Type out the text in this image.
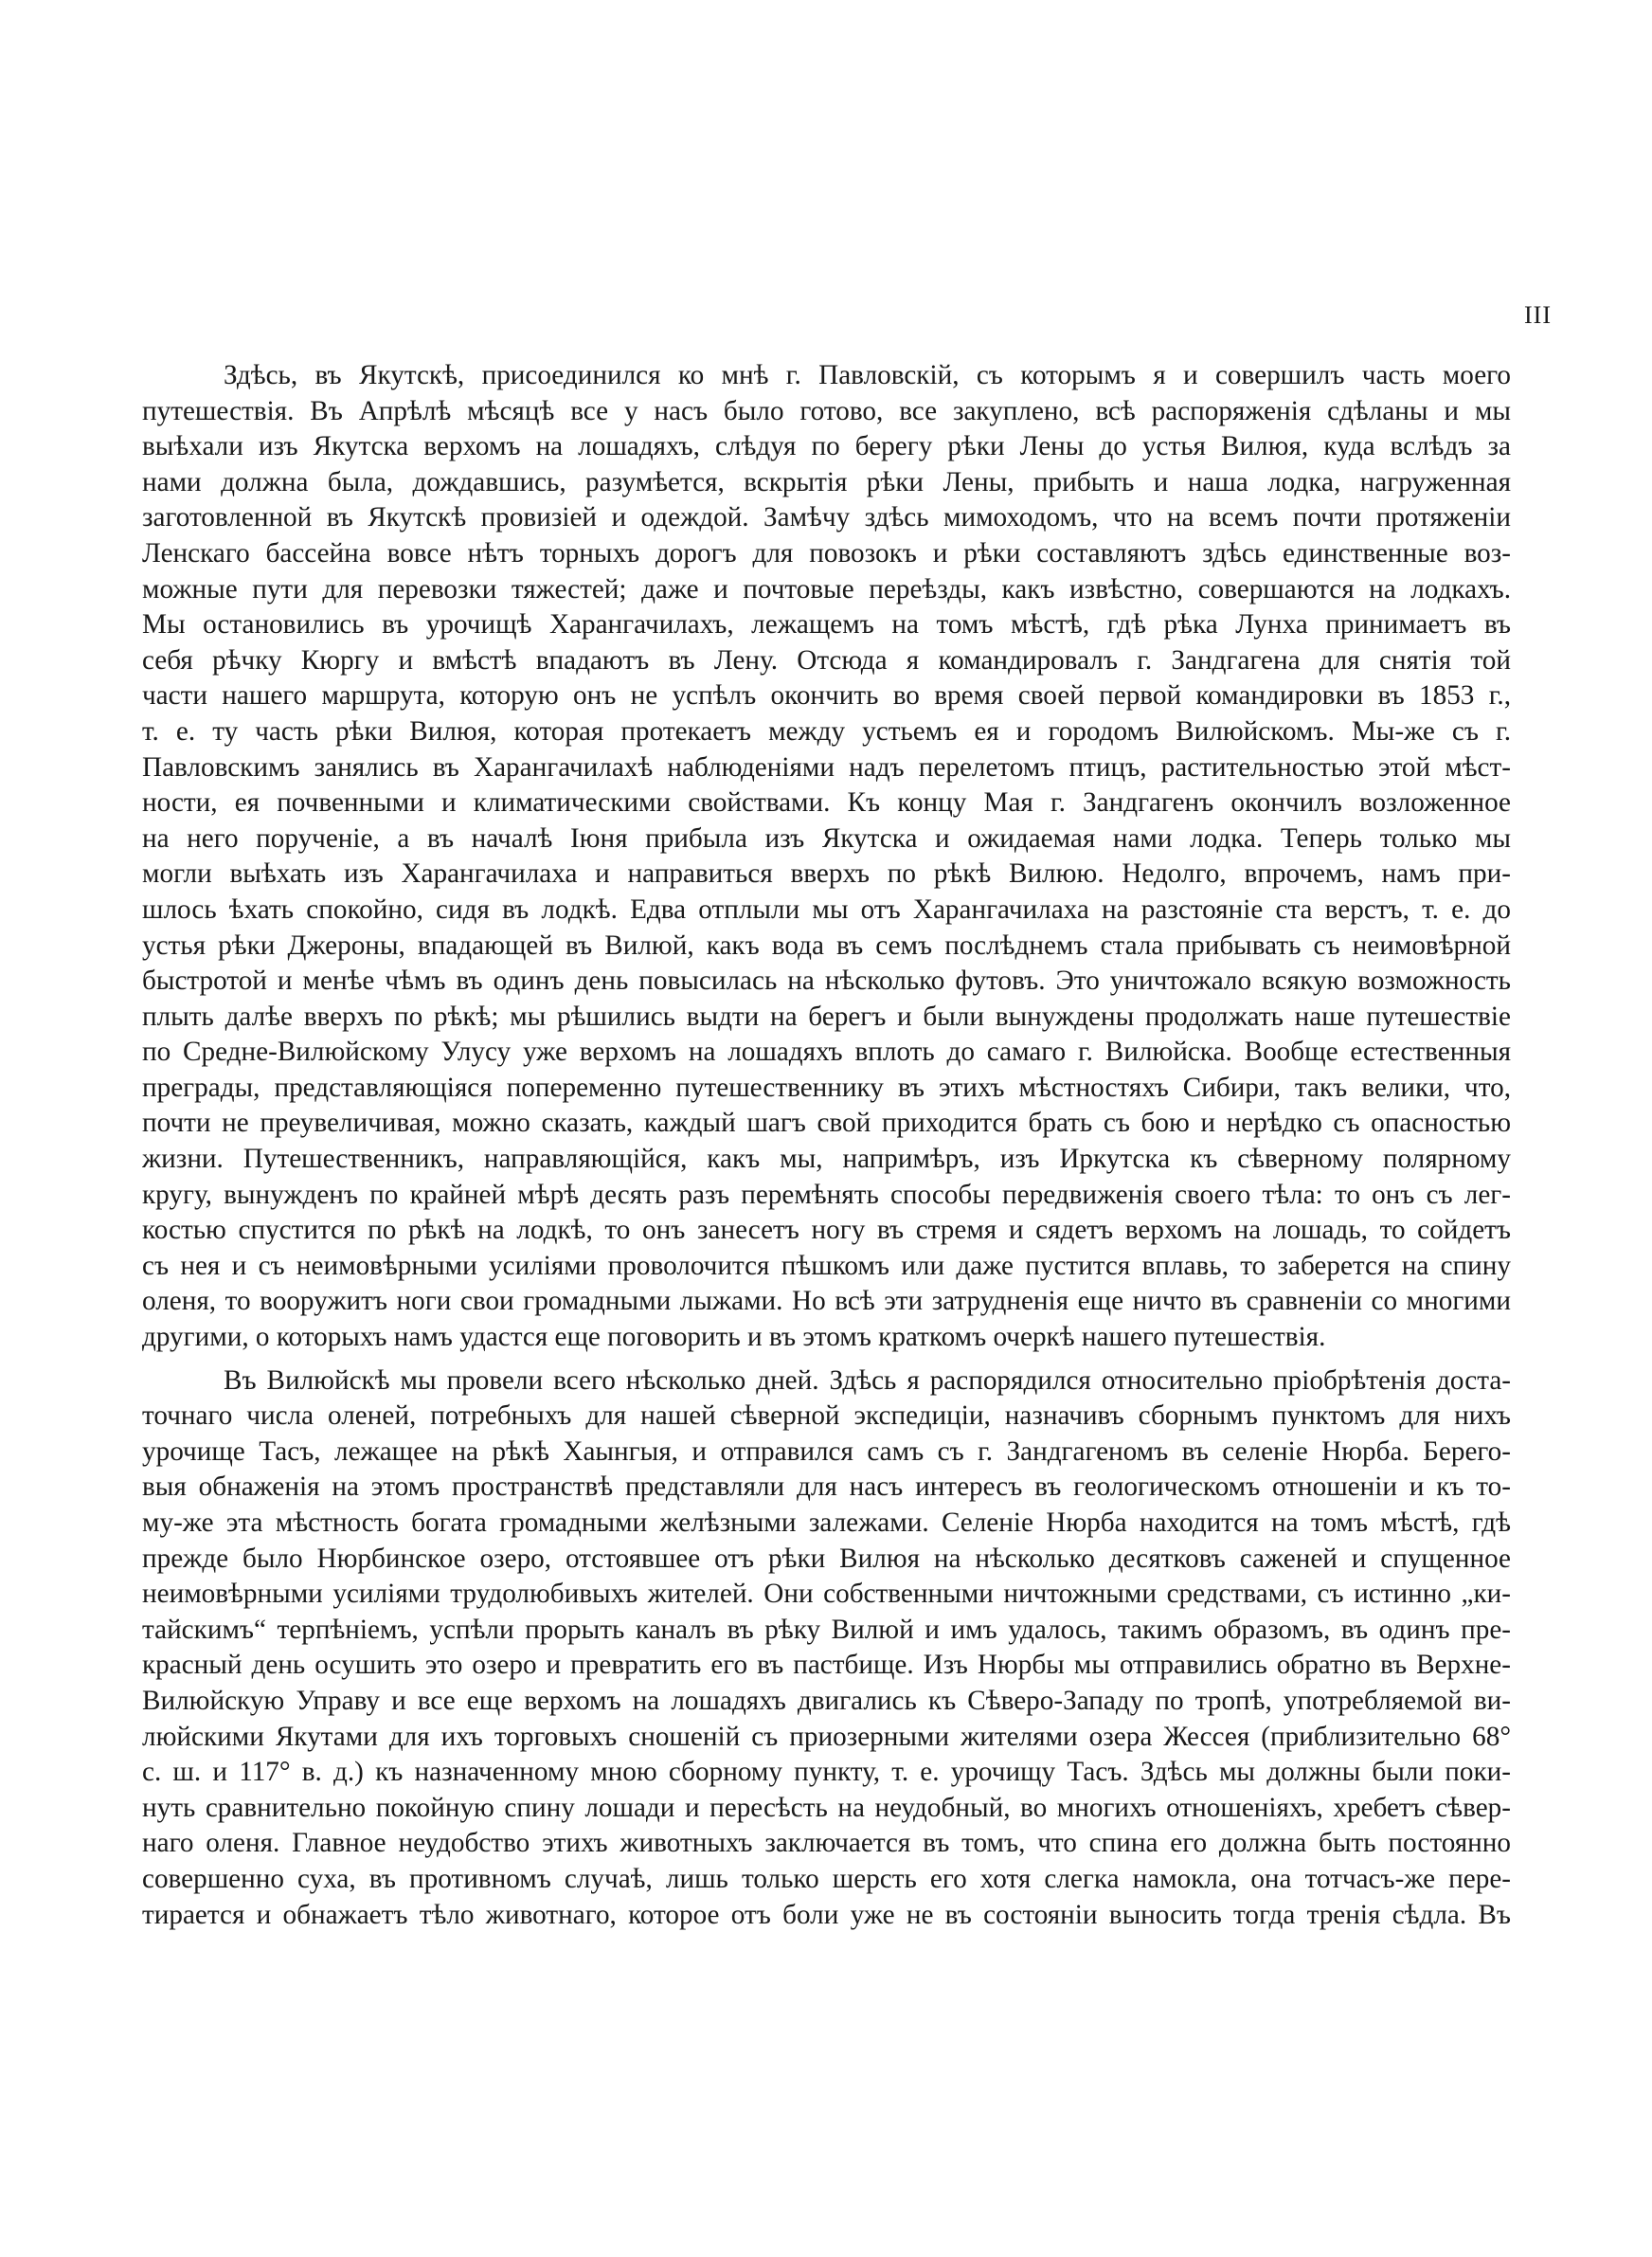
III
Здѣсь, въ Якутскѣ, присоединился ко мнѣ г. Павловскій, съ которымъ я и совершилъ часть моего
путешествія. Въ Апрѣлѣ мѣсяцѣ все у насъ было готово, все закуплено, всѣ распоряженія сдѣланы и мы
выѣхали изъ Якутска верхомъ на лошадяхъ, слѣдуя по берегу рѣки Лены до устья Вилюя, куда вслѣдъ за
нами должна была, дождавшись, разумѣется, вскрытія рѣки Лены, прибыть и наша лодка, нагруженная
заготовленной въ Якутскѣ провизіей и одеждой. Замѣчу здѣсь мимоходомъ, что на всемъ почти протяженіи
Ленскаго бассейна вовсе нѣтъ торныхъ дорогъ для повозокъ и рѣки составляютъ здѣсь единственные воз-
можные пути для перевозки тяжестей; даже и почтовые переѣзды, какъ извѣстно, совершаются на лодкахъ.
Мы остановились въ урочищѣ Харангачилахъ, лежащемъ на томъ мѣстѣ, гдѣ рѣка Лунха принимаетъ въ
себя рѣчку Кюргу и вмѣстѣ впадаютъ въ Лену. Отсюда я командировалъ г. Зандгагена для снятія той
части нашего маршрута, которую онъ не успѣлъ окончить во время своей первой командировки въ 1853 г.,
т. е. ту часть рѣки Вилюя, которая протекаетъ между устьемъ ея и городомъ Вилюйскомъ. Мы-же съ г.
Павловскимъ занялись въ Харангачилахѣ наблюденіями надъ перелетомъ птицъ, растительностью этой мѣст-
ности, ея почвенными и климатическими свойствами. Къ концу Мая г. Зандгагенъ окончилъ возложенное
на него порученіе, а въ началѣ Іюня прибыла изъ Якутска и ожидаемая нами лодка. Теперь только мы
могли выѣхать изъ Харангачилаха и направиться вверхъ по рѣкѣ Вилюю. Недолго, впрочемъ, намъ при-
шлось ѣхать спокойно, сидя въ лодкѣ. Едва отплыли мы отъ Харангачилаха на разстояніе ста верстъ, т. е. до
устья рѣки Джероны, впадающей въ Вилюй, какъ вода въ семъ послѣднемъ стала прибывать съ неимовѣрной
быстротой и менѣе чѣмъ въ одинъ день повысилась на нѣсколько футовъ. Это уничтожало всякую возможность
плыть далѣе вверхъ по рѣкѣ; мы рѣшились выдти на берегъ и были вынуждены продолжать наше путешествіе
по Средне-Вилюйскому Улусу уже верхомъ на лошадяхъ вплоть до самаго г. Вилюйска. Вообще естественныя
преграды, представляющіяся попеременно путешественнику въ этихъ мѣстностяхъ Сибири, такъ велики, что,
почти не преувеличивая, можно сказать, каждый шагъ свой приходится брать съ бою и нерѣдко съ опасностью
жизни. Путешественникъ, направляющійся, какъ мы, напримѣръ, изъ Иркутска къ сѣверному полярному
кругу, вынужденъ по крайней мѣрѣ десять разъ перемѣнять способы передвиженія своего тѣла: то онъ съ лег-
костью спустится по рѣкѣ на лодкѣ, то онъ занесетъ ногу въ стремя и сядетъ верхомъ на лошадь, то сойдетъ
съ нея и съ неимовѣрными усиліями проволочится пѣшкомъ или даже пустится вплавь, то заберется на спину
оленя, то вооружитъ ноги свои громадными лыжами. Но всѣ эти затрудненія еще ничто въ сравненіи со многими
другими, о которыхъ намъ удастся еще поговорить и въ этомъ краткомъ очеркѣ нашего путешествія.
Въ Вилюйскѣ мы провели всего нѣсколько дней. Здѣсь я распорядился относительно пріобрѣтенія доста-
точнаго числа оленей, потребныхъ для нашей сѣверной экспедиціи, назначивъ сборнымъ пунктомъ для нихъ
урочище Тасъ, лежащее на рѣкѣ Хаынгыя, и отправился самъ съ г. Зандгагеномъ въ селеніе Нюрба. Берего-
выя обнаженія на этомъ пространствѣ представляли для насъ интересъ въ геологическомъ отношеніи и къ то-
му-же эта мѣстность богата громадными желѣзными залежами. Селеніе Нюрба находится на томъ мѣстѣ, гдѣ
прежде было Нюрбинское озеро, отстоявшее отъ рѣки Вилюя на нѣсколько десятковъ саженей и спущенное
неимовѣрными усиліями трудолюбивыхъ жителей. Они собственными ничтожными средствами, съ истинно „ки-
тайскимъ“ терпѣніемъ, успѣли прорыть каналъ въ рѣку Вилюй и имъ удалось, такимъ образомъ, въ одинъ пре-
красный день осушить это озеро и превратить его въ пастбище. Изъ Нюрбы мы отправились обратно въ Верхне-
Вилюйскую Управу и все еще верхомъ на лошадяхъ двигались къ Сѣверо-Западу по тропѣ, употребляемой ви-
люйскими Якутами для ихъ торговыхъ сношеній съ приозерными жителями озера Жессея (приблизительно 68°
с. ш. и 117° в. д.) къ назначенному мною сборному пункту, т. е. урочищу Тасъ. Здѣсь мы должны были поки-
нуть сравнительно покойную спину лошади и пересѣсть на неудобный, во многихъ отношеніяхъ, хребетъ сѣвер-
наго оленя. Главное неудобство этихъ животныхъ заключается въ томъ, что спина его должна быть постоянно
совершенно суха, въ противномъ случаѣ, лишь только шерсть его хотя слегка намокла, она тотчасъ-же пере-
тирается и обнажаетъ тѣло животнаго, которое отъ боли уже не въ состояніи выносить тогда тренія сѣдла. Въ
